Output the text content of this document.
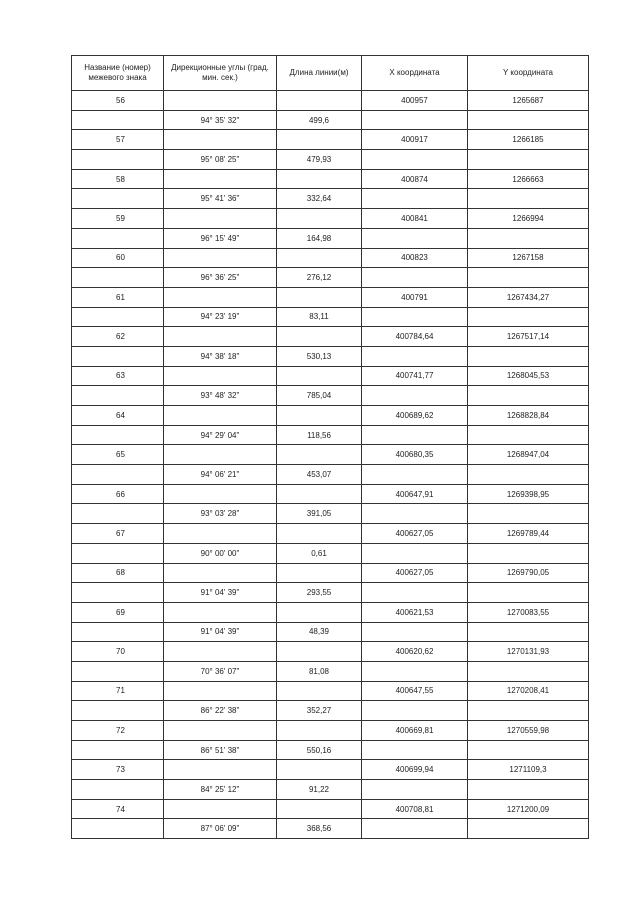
Название (номер) межевого знака	Дирекционные углы (град. мин. сек.)	Длина линии(м)	X координата	Y координата
56			400957	1265687
	94° 35' 32"	499,6		
57			400917	1266185
	95° 08' 25"	479,93		
58			400874	1266663
	95° 41' 36"	332,64		
59			400841	1266994
	96° 15' 49"	164,98		
60			400823	1267158
	96° 36' 25"	276,12		
61			400791	1267434,27
	94° 23' 19"	83,11		
62			400784,64	1267517,14
	94° 38' 18"	530,13		
63			400741,77	1268045,53
	93° 48' 32"	785,04		
64			400689,62	1268828,84
	94° 29' 04"	118,56		
65			400680,35	1268947,04
	94° 06' 21"	453,07		
66			400647,91	1269398,95
	93° 03' 28"	391,05		
67			400627,05	1269789,44
	90° 00' 00"	0,61		
68			400627,05	1269790,05
	91° 04' 39"	293,55		
69			400621,53	1270083,55
	91° 04' 39"	48,39		
70			400620,62	1270131,93
	70° 36' 07"	81,08		
71			400647,55	1270208,41
	86° 22' 38"	352,27		
72			400669,81	1270559,98
	86° 51' 38"	550,16		
73			400699,94	1271109,3
	84° 25' 12"	91,22		
74			400708,81	1271200,09
	87° 06' 09"	368,56		
